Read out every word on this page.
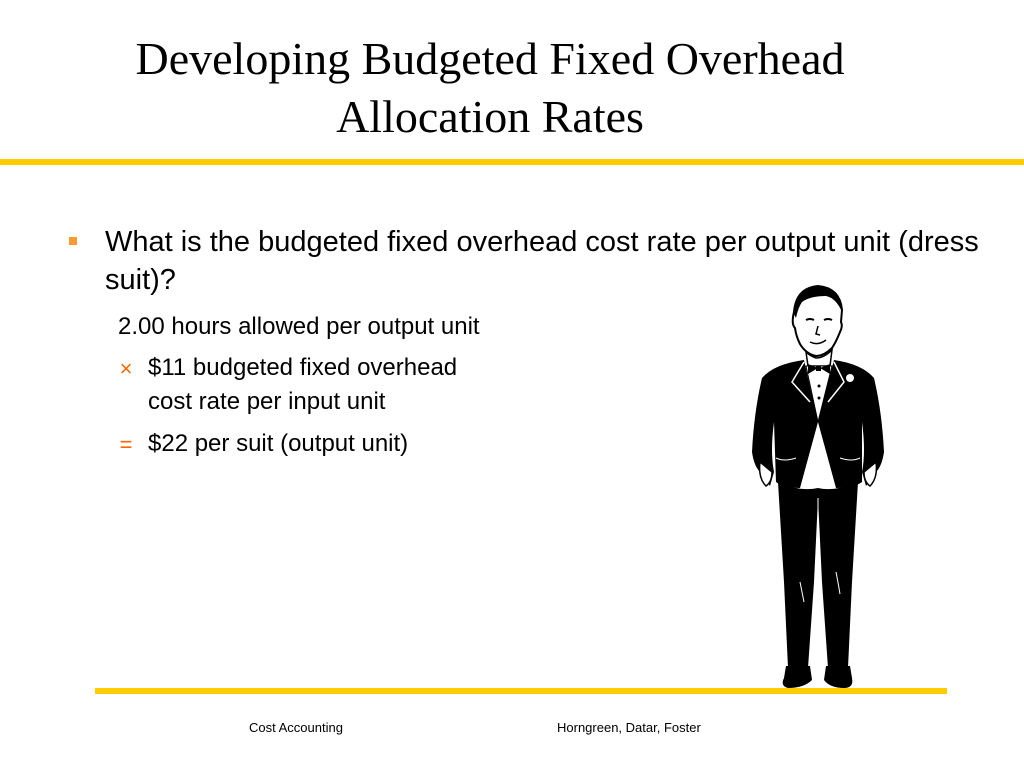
Developing Budgeted Fixed Overhead
Allocation Rates

What is the budgeted fixed overhead cost rate per output unit (dress suit)?

2.00 hours allowed per output unit

× $11 budgeted fixed overhead
cost rate per input unit

= $22 per suit (output unit)

Cost Accounting	Horngreen, Datar, Foster
